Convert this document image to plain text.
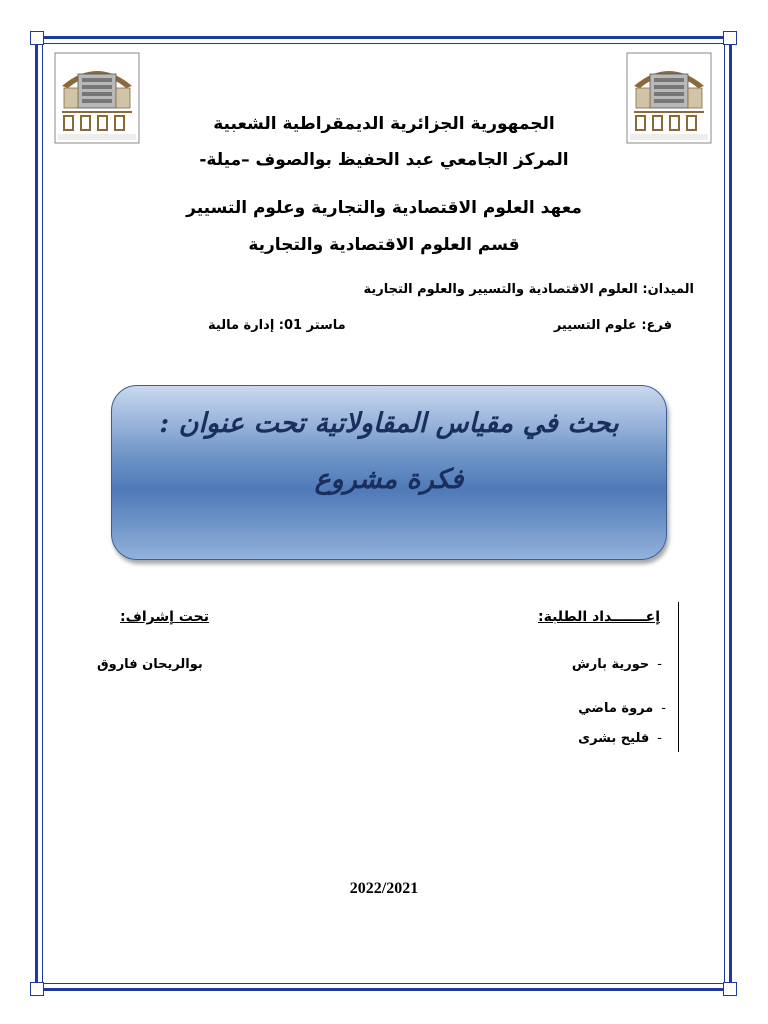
الجمهورية الجزائرية الديمقراطية الشعبية
المركز الجامعي عبد الحفيظ بوالصوف –ميلة-
معهد العلوم الاقتصادية والتجارية وعلوم التسيير
قسم العلوم الاقتصادية والتجارية
الميدان: العلوم الاقتصادية والتسيير والعلوم التجارية
فرع: علوم التسيير
ماستر 01: إدارة مالية
بحث في مقياس المقاولاتية تحت عنوان :
فكرة مشروع
إعـــــــداد الطلبة:
تحت إشراف:
-حورية بارش
-مروة ماضي
-فليح بشرى
بوالريحان فاروق
2022/2021
